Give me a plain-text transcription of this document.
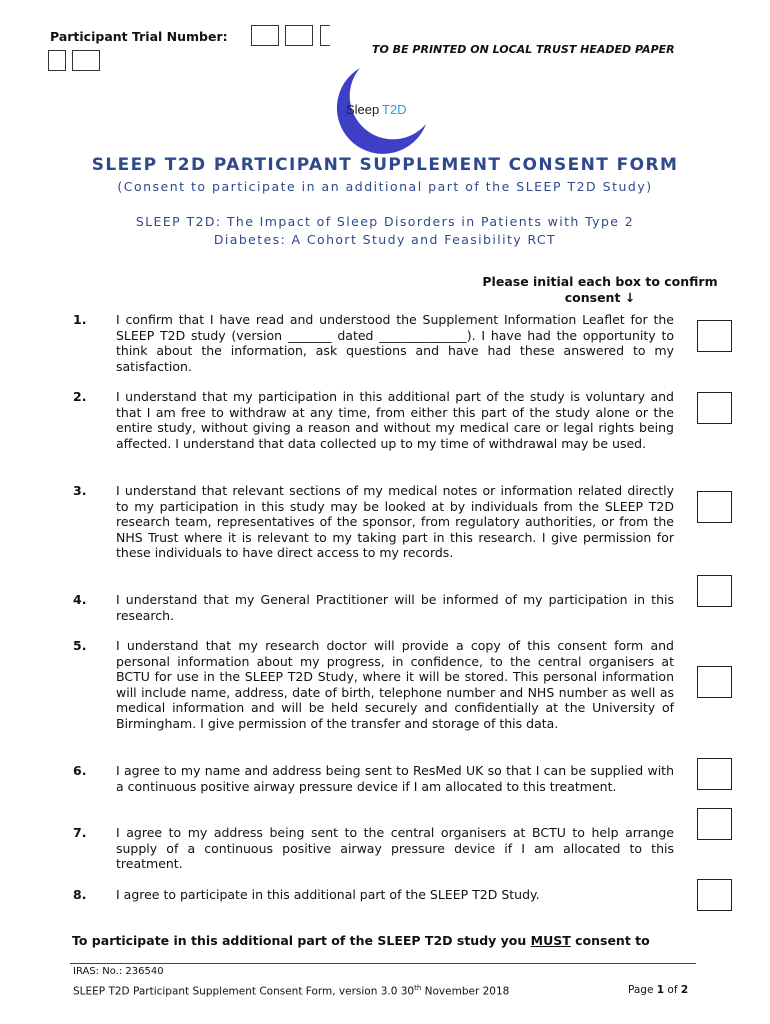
Participant Trial Number:
TO BE PRINTED ON LOCAL TRUST HEADED PAPER
Sleep T2D
SLEEP T2D PARTICIPANT SUPPLEMENT CONSENT FORM
(Consent to participate in an additional part of the SLEEP T2D Study)
SLEEP T2D: The Impact of Sleep Disorders in Patients with Type 2
Diabetes: A Cohort Study and Feasibility RCT
Please initial each box to confirm
consent ↓
1. I confirm that I have read and understood the Supplement Information Leaflet for the SLEEP T2D study (version _______ dated ______________). I have had the opportunity to think about the information, ask questions and have had these answered to my satisfaction.
2. I understand that my participation in this additional part of the study is voluntary and that I am free to withdraw at any time, from either this part of the study alone or the entire study, without giving a reason and without my medical care or legal rights being affected. I understand that data collected up to my time of withdrawal may be used.
3. I understand that relevant sections of my medical notes or information related directly to my participation in this study may be looked at by individuals from the SLEEP T2D research team, representatives of the sponsor, from regulatory authorities, or from the NHS Trust where it is relevant to my taking part in this research. I give permission for these individuals to have direct access to my records.
4. I understand that my General Practitioner will be informed of my participation in this research.
5. I understand that my research doctor will provide a copy of this consent form and personal information about my progress, in confidence, to the central organisers at BCTU for use in the SLEEP T2D Study, where it will be stored. This personal information will include name, address, date of birth, telephone number and NHS number as well as medical information and will be held securely and confidentially at the University of Birmingham. I give permission of the transfer and storage of this data.
6. I agree to my name and address being sent to ResMed UK so that I can be supplied with a continuous positive airway pressure device if I am allocated to this treatment.
7. I agree to my address being sent to the central organisers at BCTU to help arrange supply of a continuous positive airway pressure device if I am allocated to this treatment.
8. I agree to participate in this additional part of the SLEEP T2D Study.
To participate in this additional part of the SLEEP T2D study you MUST consent to
IRAS: No.: 236540
SLEEP T2D Participant Supplement Consent Form, version 3.0 30th November 2018	Page 1 of 2
